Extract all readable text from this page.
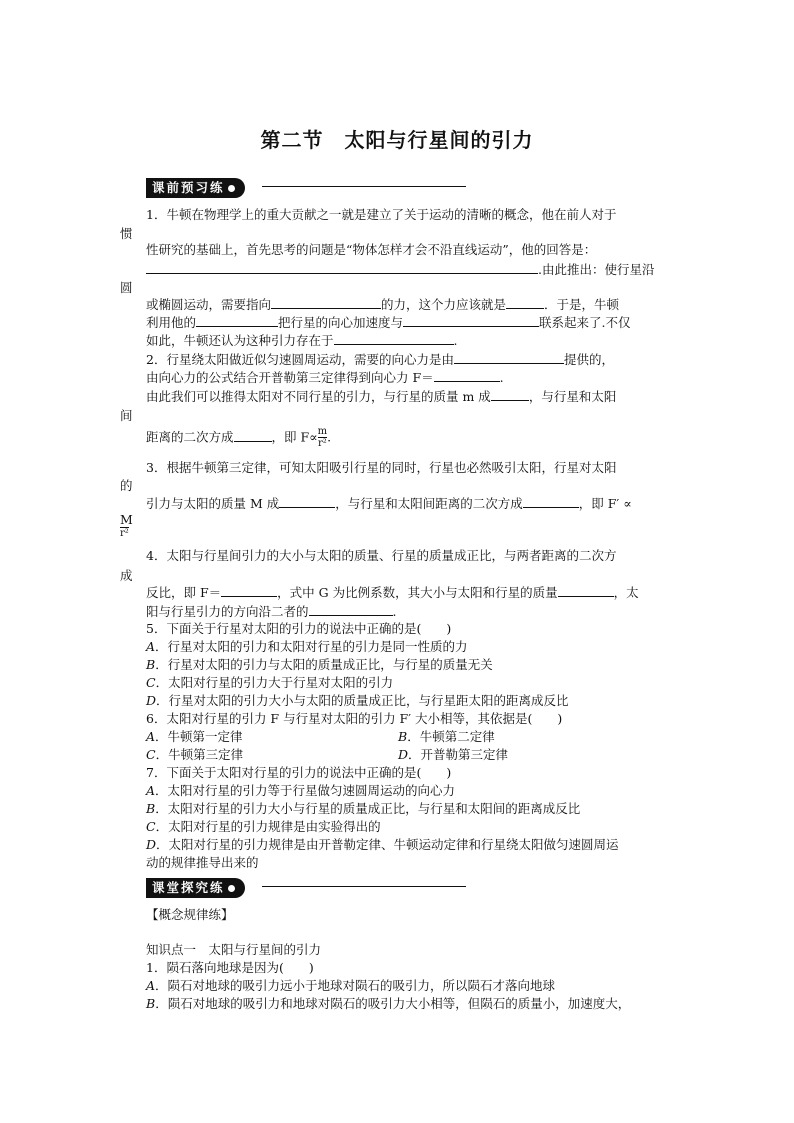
第二节　太阳与行星间的引力
课前预习练
惯
圆
间
的
M
r²
成
1．牛顿在物理学上的重大贡献之一就是建立了关于运动的清晰的概念，他在前人对于
性研究的基础上，首先思考的问题是“物体怎样才会不沿直线运动”，他的回答是：
.由此推出：使行星沿
或椭圆运动，需要指向	的力，这个力应该就是	．于是，牛顿
利用他的	把行星的向心加速度与	联系起来了.不仅
如此，牛顿还认为这种引力存在于	.
2．行星绕太阳做近似匀速圆周运动，需要的向心力是由	提供的，
由向心力的公式结合开普勒第三定律得到向心力 F＝	.
由此我们可以推得太阳对不同行星的引力，与行星的质量 m 成	，与行星和太阳
距离的二次方成	，即 $F\propto \frac{m}{\text{r²}}$ .
3．根据牛顿第三定律，可知太阳吸引行星的同时，行星也必然吸引太阳，行星对太阳
引力与太阳的质量 M 成	，与行星和太阳间距离的二次方成	，即 F′ ∝
4．太阳与行星间引力的大小与太阳的质量、行星的质量成正比，与两者距离的二次方
反比，即 F＝	，式中 G 为比例系数，其大小与太阳和行星的质量	，太
阳与行星引力的方向沿二者的	.
5．下面关于行星对太阳的引力的说法中正确的是(　　)
A．行星对太阳的引力和太阳对行星的引力是同一性质的力
B．行星对太阳的引力与太阳的质量成正比，与行星的质量无关
C．太阳对行星的引力大于行星对太阳的引力
D．行星对太阳的引力大小与太阳的质量成正比，与行星距太阳的距离成反比
6．太阳对行星的引力 F 与行星对太阳的引力 F′ 大小相等，其依据是(　　)
A．牛顿第一定律	B．牛顿第二定律
C．牛顿第三定律	D．开普勒第三定律
7．下面关于太阳对行星的引力的说法中正确的是(　　)
A．太阳对行星的引力等于行星做匀速圆周运动的向心力
B．太阳对行星的引力大小与行星的质量成正比，与行星和太阳间的距离成反比
C．太阳对行星的引力规律是由实验得出的
D．太阳对行星的引力规律是由开普勒定律、牛顿运动定律和行星绕太阳做匀速圆周运
动的规律推导出来的
课堂探究练
【概念规律练】
知识点一　太阳与行星间的引力
1．陨石落向地球是因为(　　)
A．陨石对地球的吸引力远小于地球对陨石的吸引力，所以陨石才落向地球
B．陨石对地球的吸引力和地球对陨石的吸引力大小相等，但陨石的质量小，加速度大，
